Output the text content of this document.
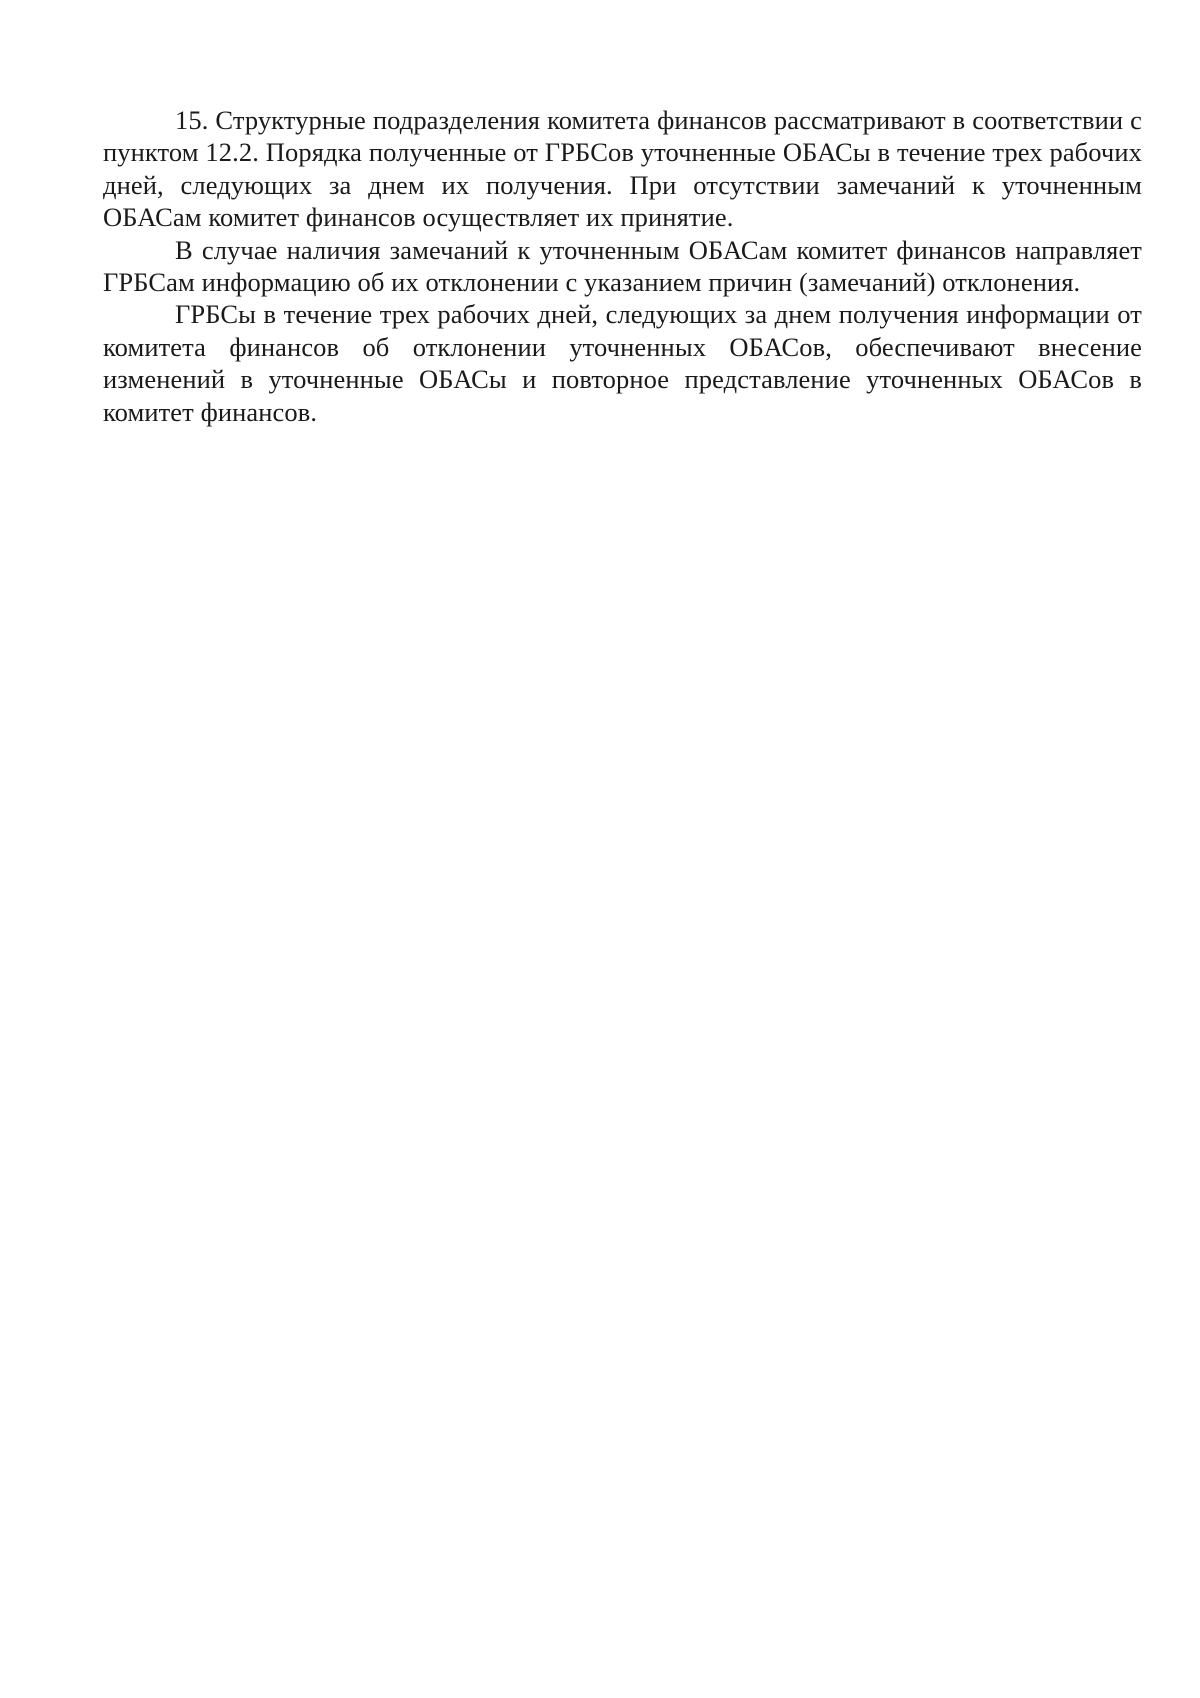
15. Структурные подразделения комитета финансов рассматривают в соответствии с пунктом 12.2. Порядка полученные от ГРБСов уточненные ОБАСы в течение трех рабочих дней, следующих за днем их получения. При отсутствии замечаний к уточненным ОБАСам комитет финансов осуществляет их принятие.

В случае наличия замечаний к уточненным ОБАСам комитет финансов направляет ГРБСам информацию об их отклонении с указанием причин (замечаний) отклонения.

ГРБСы в течение трех рабочих дней, следующих за днем получения информации от комитета финансов об отклонении уточненных ОБАСов, обеспечивают внесение изменений в уточненные ОБАСы и повторное представление уточненных ОБАСов в комитет финансов.
